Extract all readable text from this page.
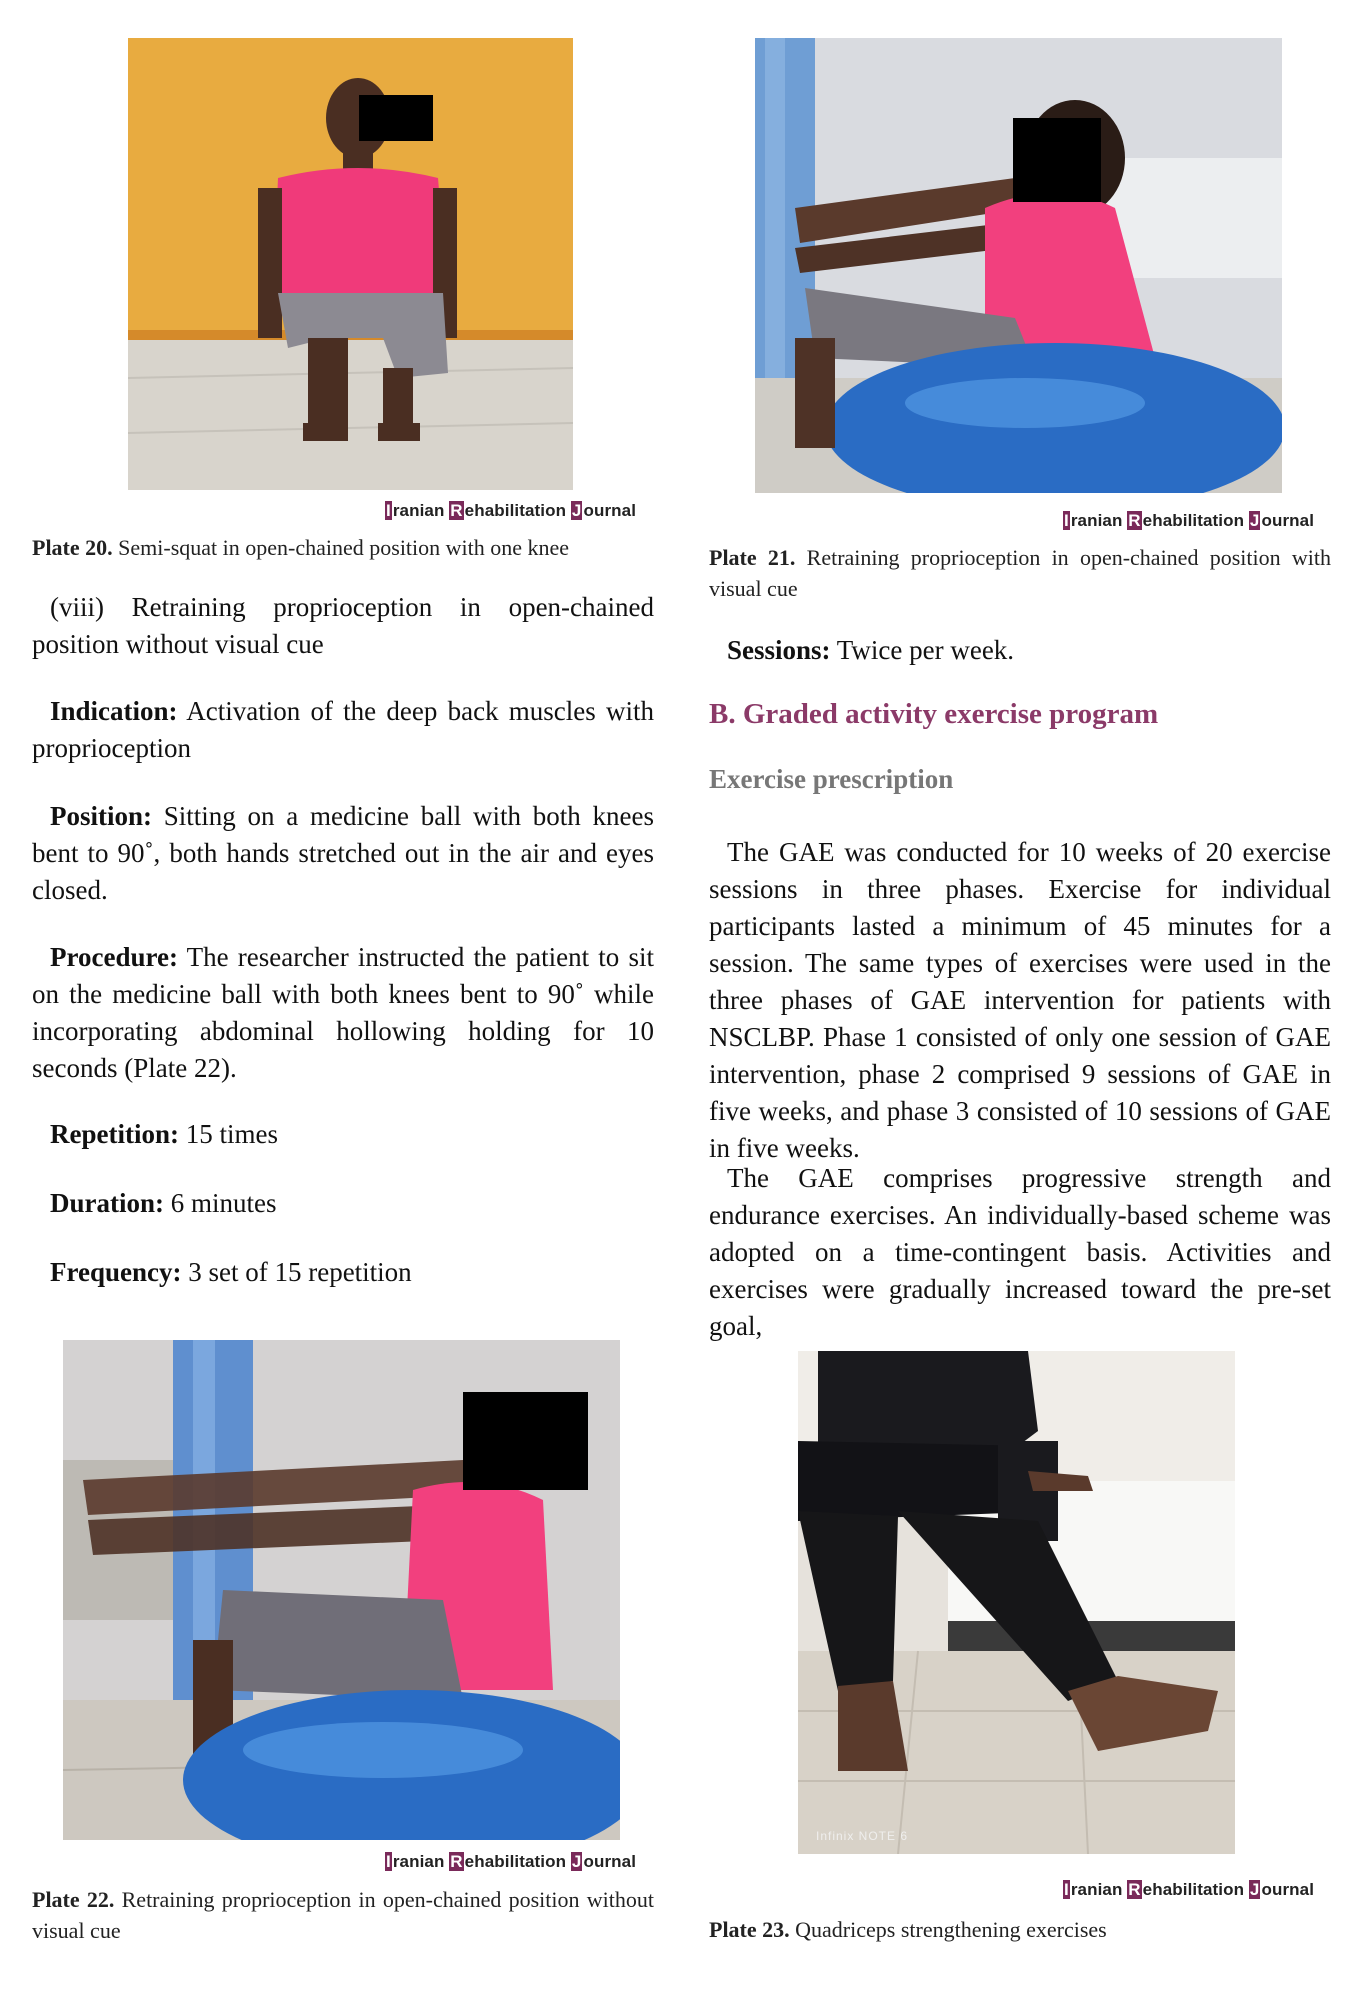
I ranian R ehabilitation J ournal
Plate 20. Semi-squat in open-chained position with one knee
I ranian R ehabilitation J ournal
Plate 21. Retraining proprioception in open-chained position with visual cue
(viii) Retraining proprioception in open-chained position without visual cue
Indication: Activation of the deep back muscles with proprioception
Position: Sitting on a medicine ball with both knees bent to 90˚, both hands stretched out in the air and eyes closed.
Procedure: The researcher instructed the patient to sit on the medicine ball with both knees bent to 90˚ while incorporating abdominal hollowing holding for 10 seconds (Plate 22).
Repetition: 15 times
Duration: 6 minutes
Frequency: 3 set of 15 repetition
Sessions: Twice per week.
B. Graded activity exercise program
Exercise prescription
The GAE was conducted for 10 weeks of 20 exercise sessions in three phases. Exercise for individual participants lasted a minimum of 45 minutes for a session. The same types of exercises were used in the three phases of GAE intervention for patients with NSCLBP. Phase 1 consisted of only one session of GAE intervention, phase 2 comprised 9 sessions of GAE in five weeks, and phase 3 consisted of 10 sessions of GAE in five weeks.
The GAE comprises progressive strength and endurance exercises. An individually-based scheme was adopted on a time-contingent basis. Activities and exercises were gradually increased toward the pre-set goal,
I ranian R ehabilitation J ournal
Plate 22. Retraining proprioception in open-chained position without visual cue
Infinix NOTE 6
I ranian R ehabilitation J ournal
Plate 23. Quadriceps strengthening exercises
